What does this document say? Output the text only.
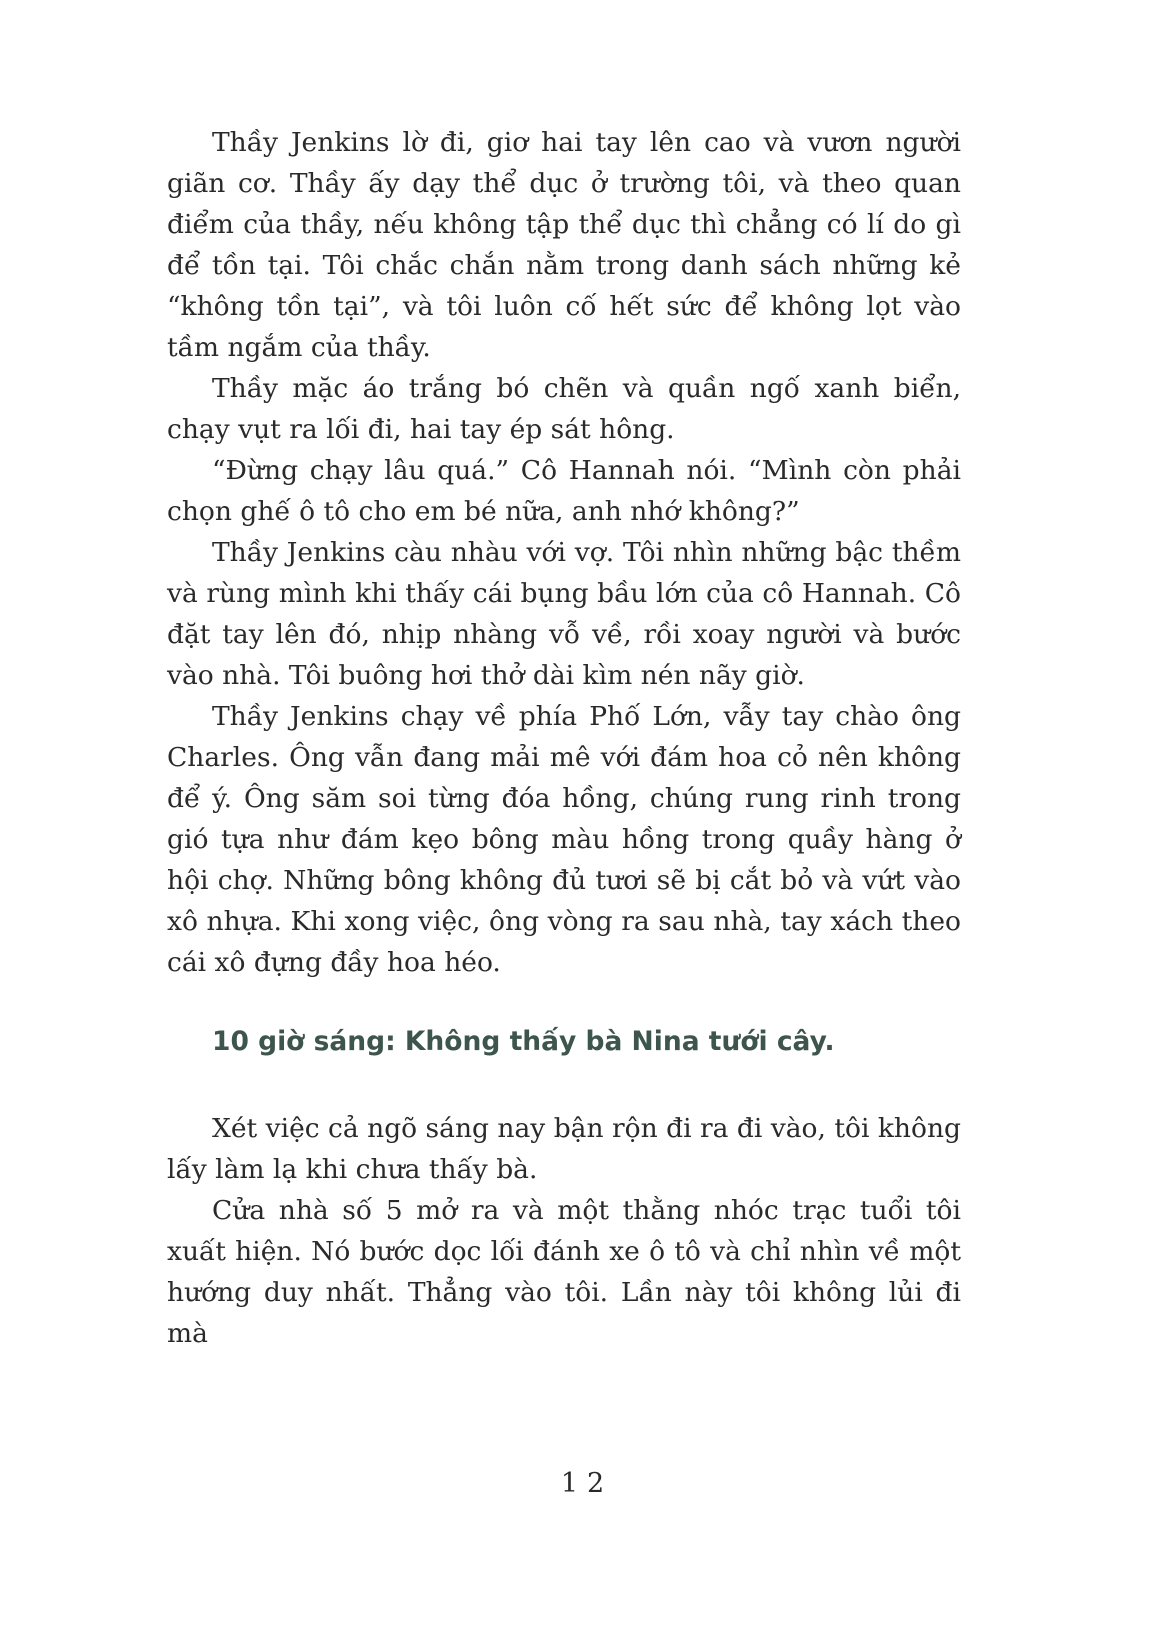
Thầy Jenkins lờ đi, giơ hai tay lên cao và vươn người giãn cơ. Thầy ấy dạy thể dục ở trường tôi, và theo quan điểm của thầy, nếu không tập thể dục thì chẳng có lí do gì để tồn tại. Tôi chắc chắn nằm trong danh sách những kẻ “không tồn tại”, và tôi luôn cố hết sức để không lọt vào tầm ngắm của thầy.

Thầy mặc áo trắng bó chẽn và quần ngố xanh biển, chạy vụt ra lối đi, hai tay ép sát hông.

“Đừng chạy lâu quá.” Cô Hannah nói. “Mình còn phải chọn ghế ô tô cho em bé nữa, anh nhớ không?”

Thầy Jenkins càu nhàu với vợ. Tôi nhìn những bậc thềm và rùng mình khi thấy cái bụng bầu lớn của cô Hannah. Cô đặt tay lên đó, nhịp nhàng vỗ về, rồi xoay người và bước vào nhà. Tôi buông hơi thở dài kìm nén nãy giờ.

Thầy Jenkins chạy về phía Phố Lớn, vẫy tay chào ông Charles. Ông vẫn đang mải mê với đám hoa cỏ nên không để ý. Ông săm soi từng đóa hồng, chúng rung rinh trong gió tựa như đám kẹo bông màu hồng trong quầy hàng ở hội chợ. Những bông không đủ tươi sẽ bị cắt bỏ và vứt vào xô nhựa. Khi xong việc, ông vòng ra sau nhà, tay xách theo cái xô đựng đầy hoa héo.

10 giờ sáng: Không thấy bà Nina tưới cây.

Xét việc cả ngõ sáng nay bận rộn đi ra đi vào, tôi không lấy làm lạ khi chưa thấy bà.

Cửa nhà số 5 mở ra và một thằng nhóc trạc tuổi tôi xuất hiện. Nó bước dọc lối đánh xe ô tô và chỉ nhìn về một hướng duy nhất. Thẳng vào tôi. Lần này tôi không lủi đi mà

12
